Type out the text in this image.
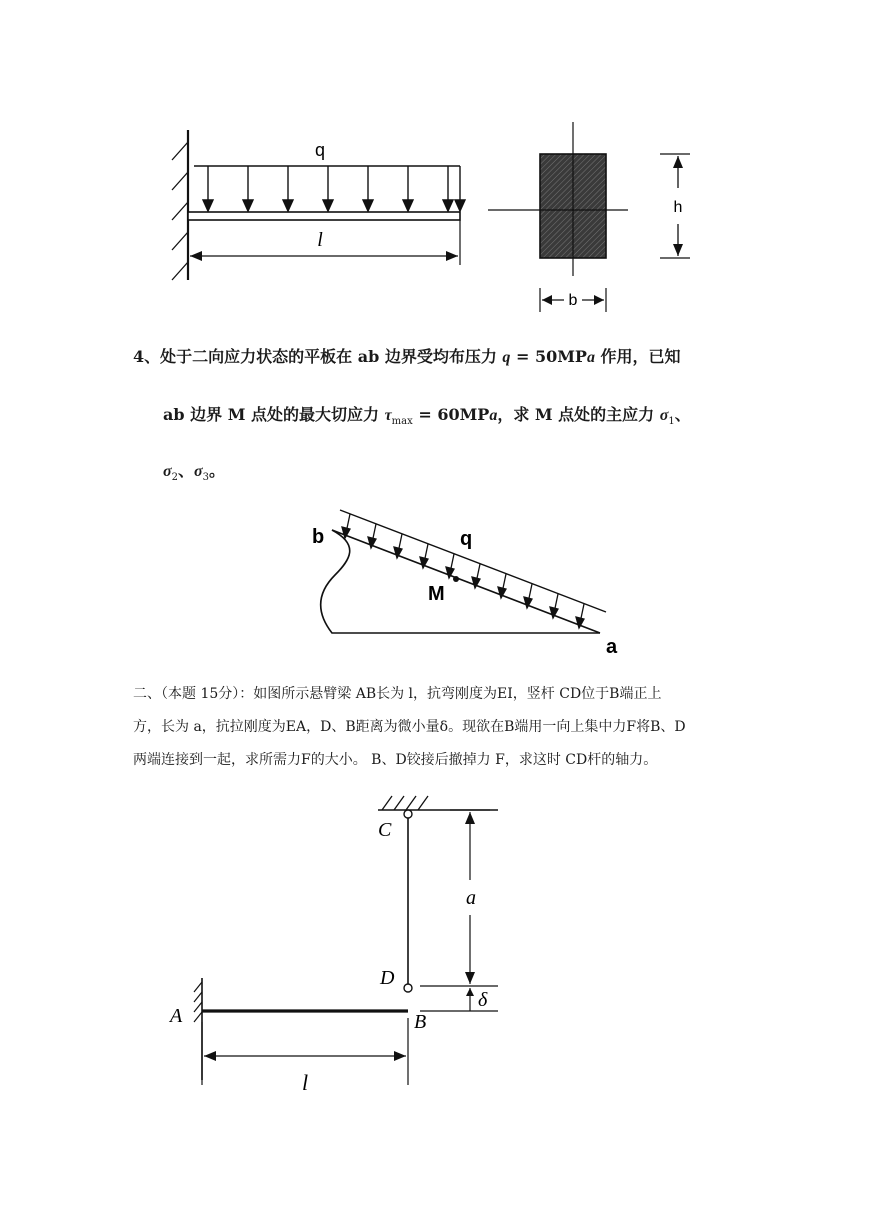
q
l
h
b
4、处于二向应力状态的平板在 ab 边界受均布压力 q = 50MPa 作用，已知
ab 边界 M 点处的最大切应力 $\tau_{max} = 60MPa$，求 M 点处的主应力 $\sigma_1$、
$\sigma_2$、$\sigma_3$。
b	q
M
a
二、（本题 15分）：如图所示悬臂梁 AB长为 l，抗弯刚度为EI，竖杆 CD位于B端正上
方，长为 a，抗拉刚度为EA，D、B距离为微小量δ。现欲在B端用一向上集中力F将B、D
两端连接到一起，求所需力F的大小。 B、D铰接后撤掉力 F，求这时 CD杆的轴力。
C
a
D
δ
A	B
l
